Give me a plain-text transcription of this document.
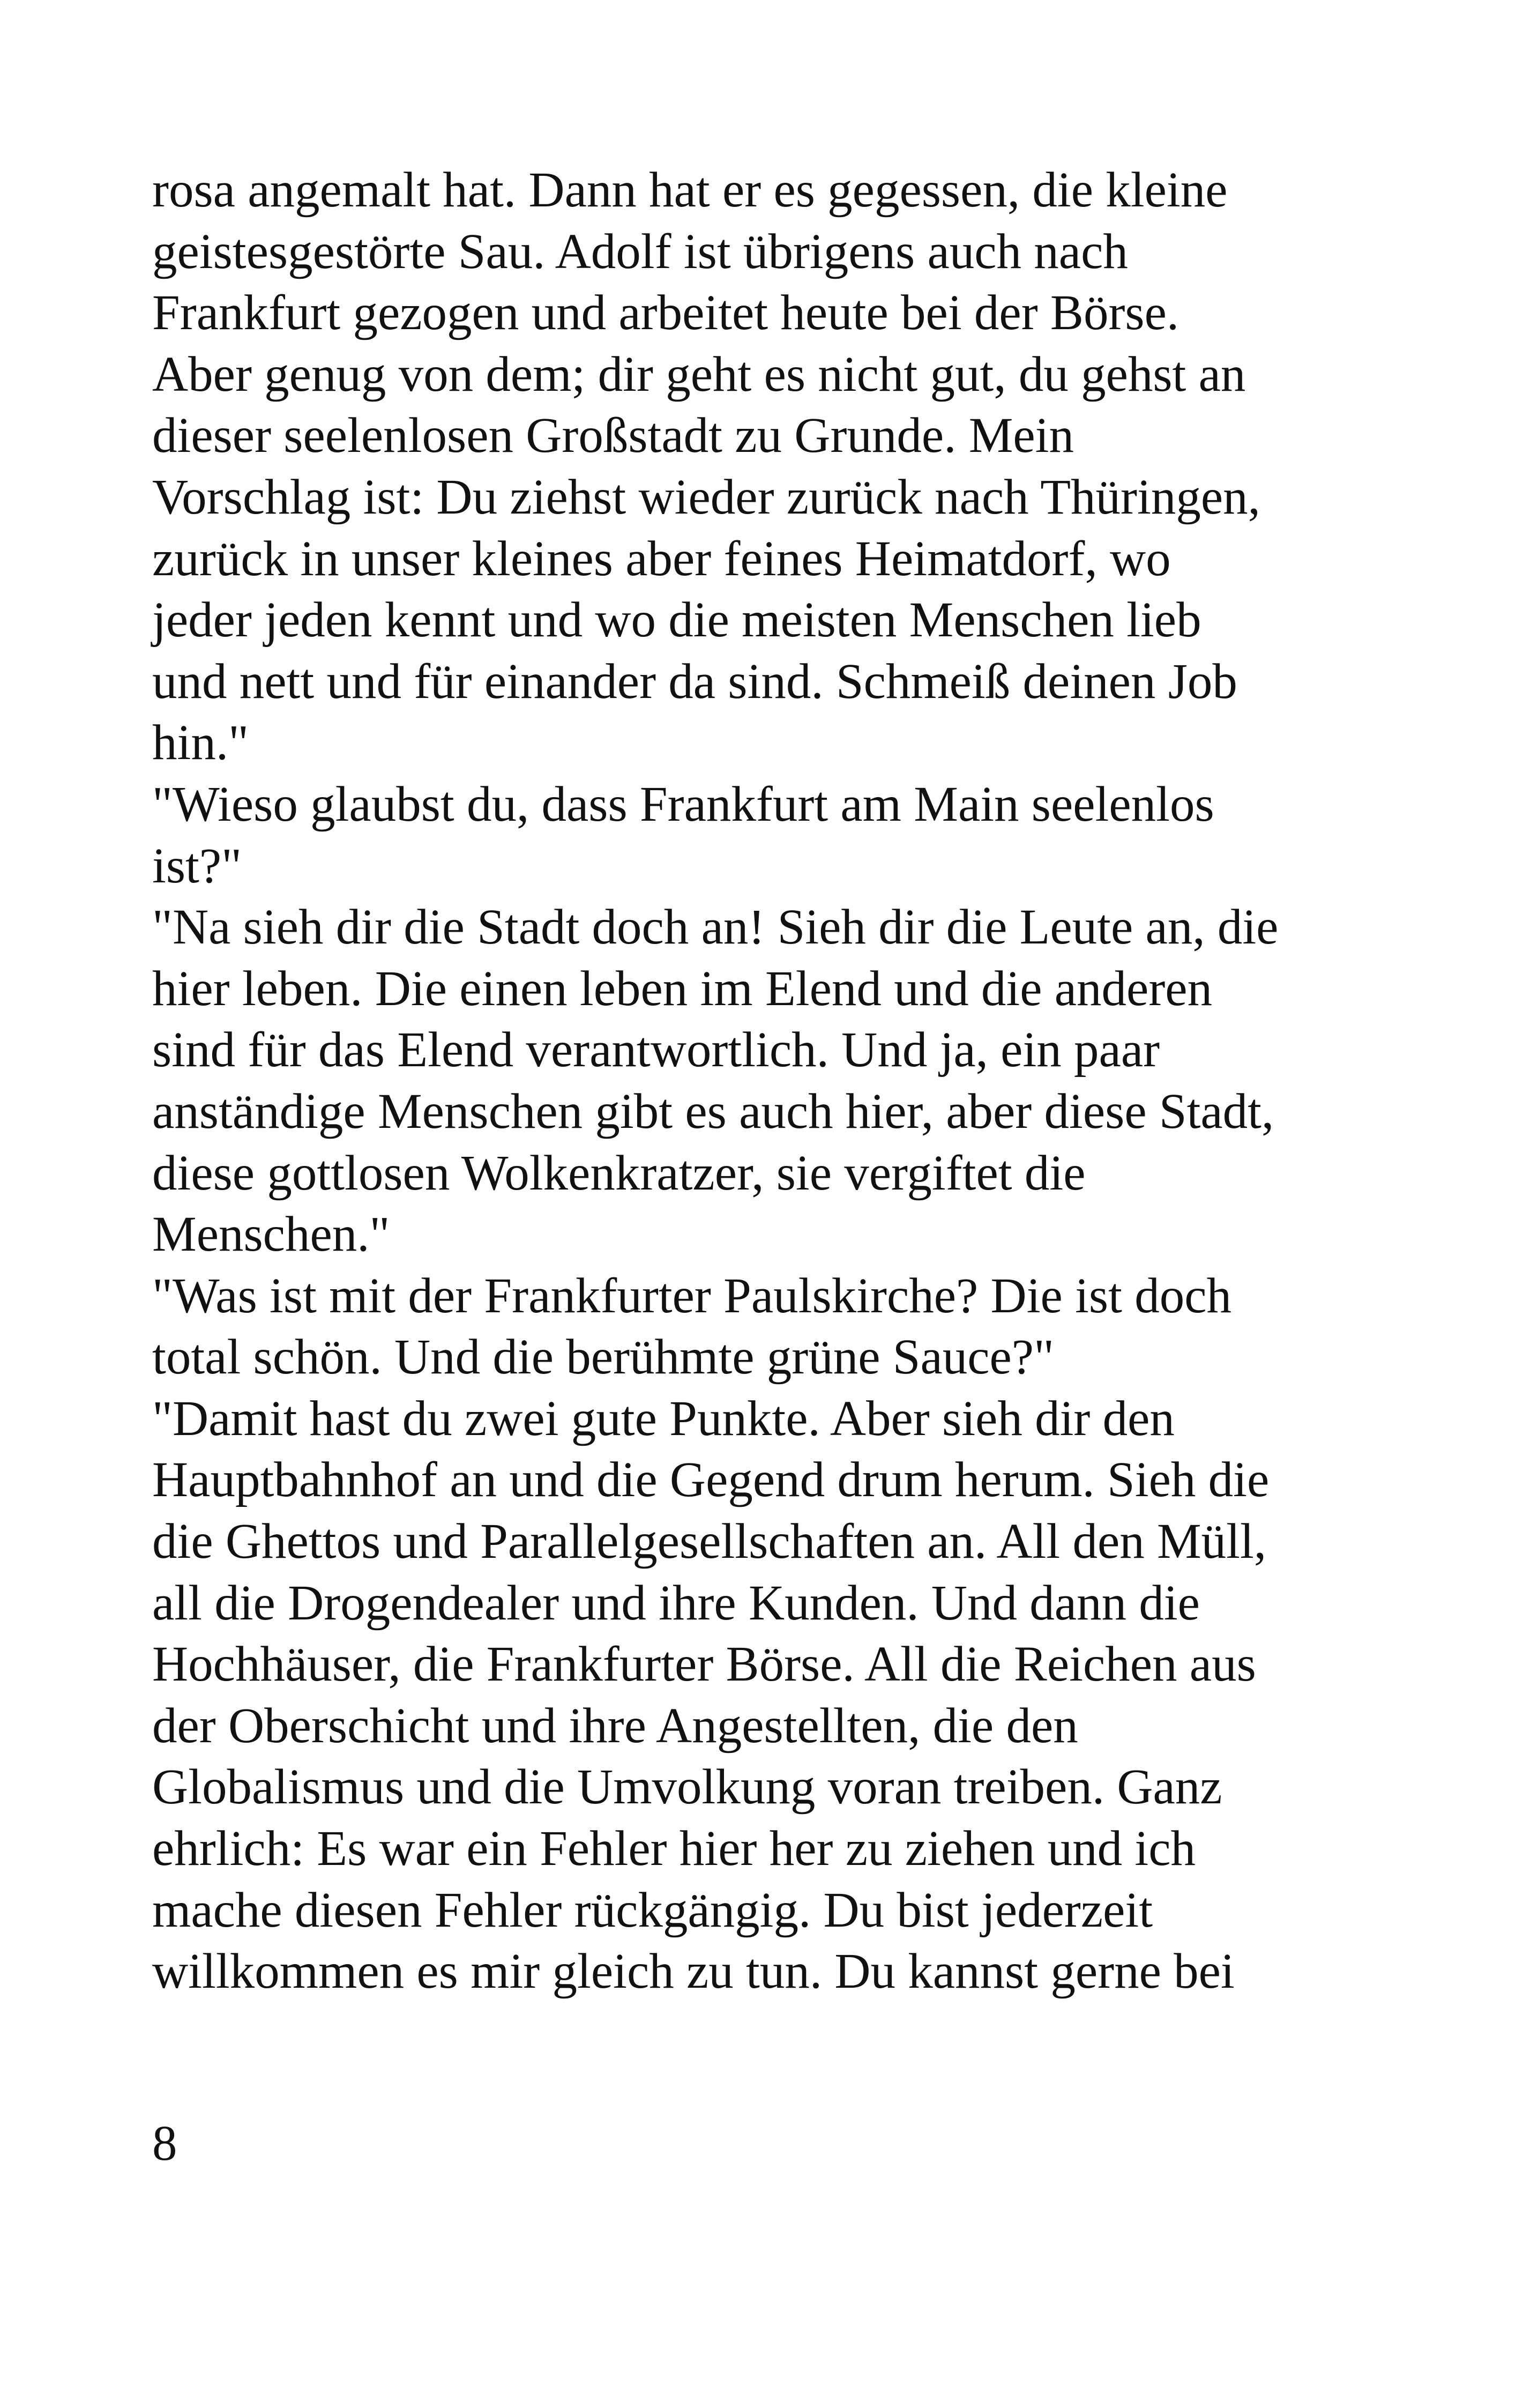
rosa angemalt hat. Dann hat er es gegessen, die kleine
geistesgestörte Sau. Adolf ist übrigens auch nach
Frankfurt gezogen und arbeitet heute bei der Börse.
Aber genug von dem; dir geht es nicht gut, du gehst an
dieser seelenlosen Großstadt zu Grunde. Mein
Vorschlag ist: Du ziehst wieder zurück nach Thüringen,
zurück in unser kleines aber feines Heimatdorf, wo
jeder jeden kennt und wo die meisten Menschen lieb
und nett und für einander da sind. Schmeiß deinen Job
hin."
"Wieso glaubst du, dass Frankfurt am Main seelenlos
ist?"
"Na sieh dir die Stadt doch an! Sieh dir die Leute an, die
hier leben. Die einen leben im Elend und die anderen
sind für das Elend verantwortlich. Und ja, ein paar
anständige Menschen gibt es auch hier, aber diese Stadt,
diese gottlosen Wolkenkratzer, sie vergiftet die
Menschen."
"Was ist mit der Frankfurter Paulskirche? Die ist doch
total schön. Und die berühmte grüne Sauce?"
"Damit hast du zwei gute Punkte. Aber sieh dir den
Hauptbahnhof an und die Gegend drum herum. Sieh die
die Ghettos und Parallelgesellschaften an. All den Müll,
all die Drogendealer und ihre Kunden. Und dann die
Hochhäuser, die Frankfurter Börse. All die Reichen aus
der Oberschicht und ihre Angestellten, die den
Globalismus und die Umvolkung voran treiben. Ganz
ehrlich: Es war ein Fehler hier her zu ziehen und ich
mache diesen Fehler rückgängig. Du bist jederzeit
willkommen es mir gleich zu tun. Du kannst gerne bei
8
